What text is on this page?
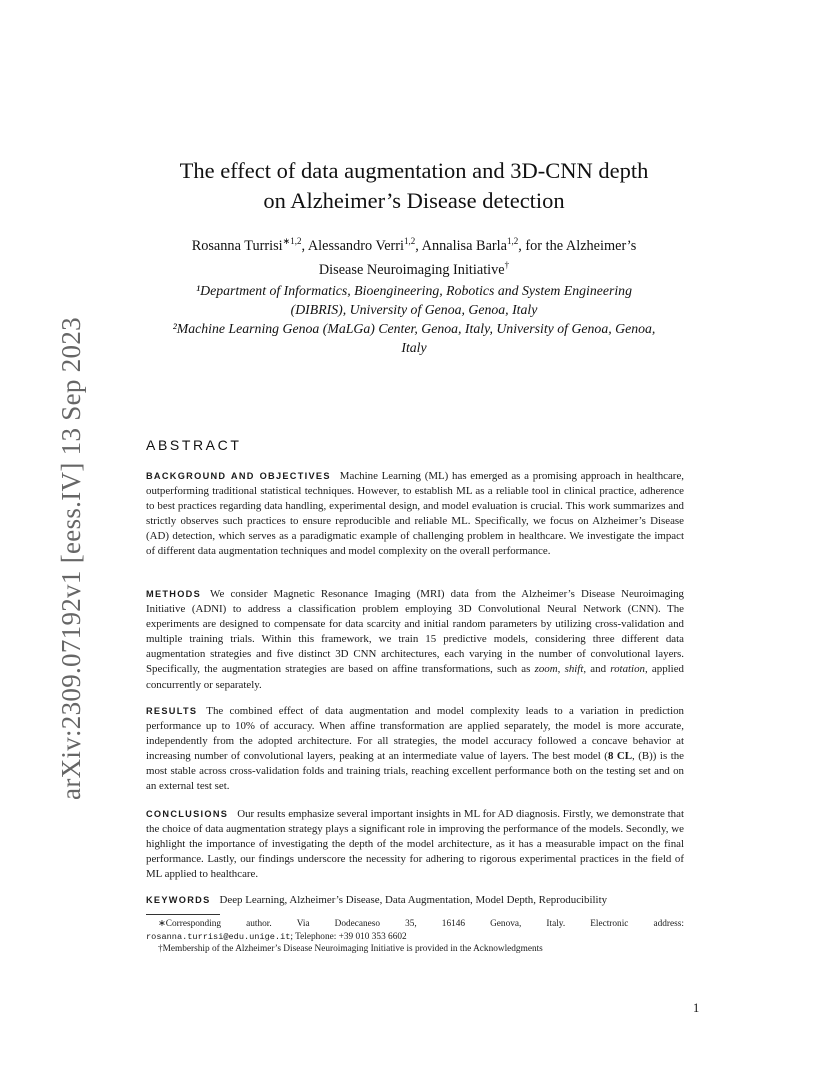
arXiv:2309.07192v1 [eess.IV] 13 Sep 2023
The effect of data augmentation and 3D-CNN depth
on Alzheimer’s Disease detection
Rosanna Turrisi$^{∗1,2}$, Alessandro Verri$^{1,2}$, Annalisa Barla$^{1,2}$, for the Alzheimer’s
Disease Neuroimaging Initiative†
¹Department of Informatics, Bioengineering, Robotics and System Engineering
(DIBRIS), University of Genoa, Genoa, Italy
²Machine Learning Genoa (MaLGa) Center, Genoa, Italy, University of Genoa, Genoa,
Italy
ABSTRACT

BACKGROUND AND OBJECTIVES Machine Learning (ML) has emerged as a promising approach in healthcare, outperforming traditional statistical techniques. However, to establish ML as a reliable tool in clinical practice, adherence to best practices regarding data handling, experimental design, and model evaluation is crucial. This work summarizes and strictly observes such practices to ensure reproducible and reliable ML. Specifically, we focus on Alzheimer’s Disease (AD) detection, which serves as a paradigmatic example of challenging problem in healthcare. We investigate the impact of different data augmentation techniques and model complexity on the overall performance.

METHODS We consider Magnetic Resonance Imaging (MRI) data from the Alzheimer’s Disease Neuroimaging Initiative (ADNI) to address a classification problem employing 3D Convolutional Neural Network (CNN). The experiments are designed to compensate for data scarcity and initial random parameters by utilizing cross-validation and multiple training trials. Within this framework, we train 15 predictive models, considering three different data augmentation strategies and five distinct 3D CNN architectures, each varying in the number of convolutional layers. Specifically, the augmentation strategies are based on affine transformations, such as zoom, shift, and rotation, applied concurrently or separately.

RESULTS The combined effect of data augmentation and model complexity leads to a variation in prediction performance up to 10% of accuracy. When affine transformation are applied separately, the model is more accurate, independently from the adopted architecture. For all strategies, the model accuracy followed a concave behavior at increasing number of convolutional layers, peaking at an intermediate value of layers. The best model (8 CL, (B)) is the most stable across cross-validation folds and training trials, reaching excellent performance both on the testing set and on an external test set.

CONCLUSIONS Our results emphasize several important insights in ML for AD diagnosis. Firstly, we demonstrate that the choice of data augmentation strategy plays a significant role in improving the performance of the models. Secondly, we highlight the importance of investigating the depth of the model architecture, as it has a measurable impact on the final performance. Lastly, our findings underscore the necessity for adhering to rigorous experimental practices in the field of ML applied to healthcare.

KEYWORDS Deep Learning, Alzheimer’s Disease, Data Augmentation, Model Depth, Reproducibility

∗Corresponding	author.	Via	Dodecaneso	35,	16146	Genova,	Italy.	Electronic	address:
rosanna.turrisi@edu.unige.it; Telephone: +39 010 353 6602
†Membership of the Alzheimer’s Disease Neuroimaging Initiative is provided in the Acknowledgments
1
